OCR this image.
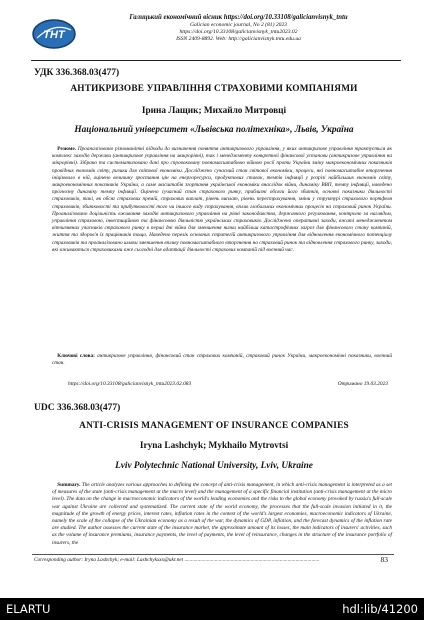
ТНТ
Галицький економічний вісник https://doi.org/10.33108/galicianvisnyk_tntu
Galician economic journal, No 2 (81) 2023
https://doi.org/10.33108/galicianvisnyk_tntu2023.02
ISSN 2409-8892. Web: http://galicianvisnyk.tntu.edu.ua
УДК 336.368.03(477)
АНТИКРИЗОВЕ УПРАВЛІННЯ СТРАХОВИМИ КОМПАНІЯМИ
Ірина Лащик; Михайло Митровці
Національний університет «Львівська політехніка», Львів, Україна
 Резюме. Проаналізовано різноманітні підходи до визначення поняття антикризового управління, у яких антикризове управління трактується як комплекс заходів держави (антикризове управління на макрорівні), так і менеджменту конкретної фінансової установи (антикризове управління на мікрорівні). Зібрано та систематизовано дані про спровоковану повномасштабною війною росії проти України зміну макроекономічних показників провідних економік світу, ризики для світової економіки. Досліджено сучасний стан світової економіки, процеси, які повномасштабне вторгнення ініціювало в ній, оцінено величину зростання цін на енергоресурси, продуктових ставок, темпів інфляції у розрізі найбільших економік світу, макроекономічних показників України, а саме масштабів згортання української економіки внаслідок війни, динаміку ВВП, темпу інфляції, наведено прогнозну динаміку темпу інфляції. Оцінено сучасний стан страхового ринку, приблизні обсяги його збитків, основні показники діяльності страховиків, такі, як обсяг страхових премій, страхових виплат, рівень виплат, рівень перестрахування, зміни у структурі страхового портфеля страховиків, збитковості та прибутковості того чи іншого виду страхування, вплив глобальних економічних процесів на страховий ринок України. Проаналізовано доцільність вживання заходів антикризового управління на рівні законодавства, державного регулювання, контролю за наглядом, управління страховою, інвестиційною та фінансовою діяльністю українських страховиків. Досліджено оперативні заходи, вжиті менеджментом вітчизняних учасників страхового ринку в перші дні війни для зменшення низки найбільш катастрофічних загроз для фінансового стану компаній, життя та здоров'я їх працівників тощо. Наведено перелік основних стратегій антикризового управління для відновлення економічного потенціалу страховиків та проаналізовано шляхи зменшення впливу повномасштабного вторгнення на страховий ринок та відновлення страхового ринку, заходи, які вживаються страховиками вже сьогодні для адаптації діяльності страхових компаній під воєнний час.
 Ключові слова: антикризове управління, фінансовий стан страхових компаній, страховий ринок України, макроекономічні показники, воєнний стан.
https://doi.org/10.33108/galicianvisnyk_tntu2023.02.083	Отримано 19.03.2023
UDC 336.368.03(477)
ANTI-CRISIS MANAGEMENT OF INSURANCE COMPANIES
Iryna Lashchyk; Mykhailo Mytrovtsi
Lviv Polytechnic National University, Lviv, Ukraine
 Summary. The article analyzes various approaches to defining the concept of anti-crisis management, in which anti-crisis management is interpreted as a set of measures of the state (anti-crisis management at the macro level) and the management of a specific financial institution (anti-crisis management at the micro level). The data on the change in macroeconomic indicators of the world's leading economies and the risks to the global economy provoked by russia's full-scale war against Ukraine are collected and systematized. The current state of the world economy, the processes that the full-scale invasion initiated in it, the magnitude of the growth of energy prices, interest rates, inflation rates in the context of the world's largest economies, macroeconomic indicators of Ukraine, namely the scale of the collapse of the Ukrainian economy as a result of the war, the dynamics of GDP, inflation, and the forecast dynamics of the inflation rate are studied. The author assesses the current state of the insurance market, the approximate amount of its losses, the main indicators of insurers' activities, such as the volume of insurance premiums, insurance payments, the level of payments, the level of reinsurance, changes in the structure of the insurance portfolio of insurers, the
Corresponding author: Iryna Lashchyk; e-mail: Lashchykxxx@ukr.net ......................................................................................................	83
ELARTU	hdl:lib/41200
